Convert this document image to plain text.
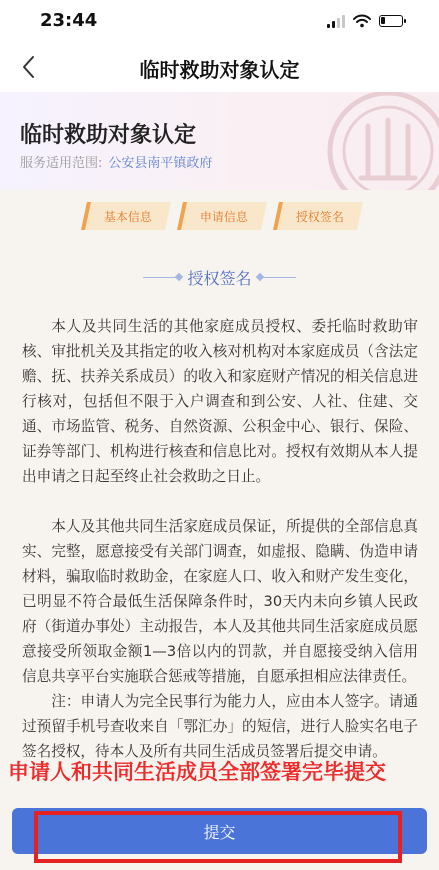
23:44
临时救助对象认定
临时救助对象认定
服务适用范围: 公安县南平镇政府
基本信息	申请信息	授权签名
授权签名

本人及共同生活的其他家庭成员授权、委托临时救助审核、审批机关及其指定的收入核对机构对本家庭成员（含法定赡、抚、扶养关系成员）的收入和家庭财产情况的相关信息进行核对，包括但不限于入户调查和到公安、人社、住建、交通、市场监管、税务、自然资源、公积金中心、银行、保险、证券等部门、机构进行核查和信息比对。授权有效期从本人提出申请之日起至终止社会救助之日止。

本人及其他共同生活家庭成员保证，所提供的全部信息真实、完整，愿意接受有关部门调查，如虚报、隐瞒、伪造申请材料，骗取临时救助金，在家庭人口、收入和财产发生变化，已明显不符合最低生活保障条件时，30天内未向乡镇人民政府（街道办事处）主动报告，本人及其他共同生活家庭成员愿意接受所领取金额1—3倍以内的罚款，并自愿接受纳入信用信息共享平台实施联合惩戒等措施，自愿承担相应法律责任。

注：申请人为完全民事行为能力人，应由本人签字。请通过预留手机号查收来自「鄂汇办」的短信，进行人脸实名电子签名授权，待本人及所有共同生活成员签署后提交申请。

申请人和共同生活成员全部签署完毕提交
提交
